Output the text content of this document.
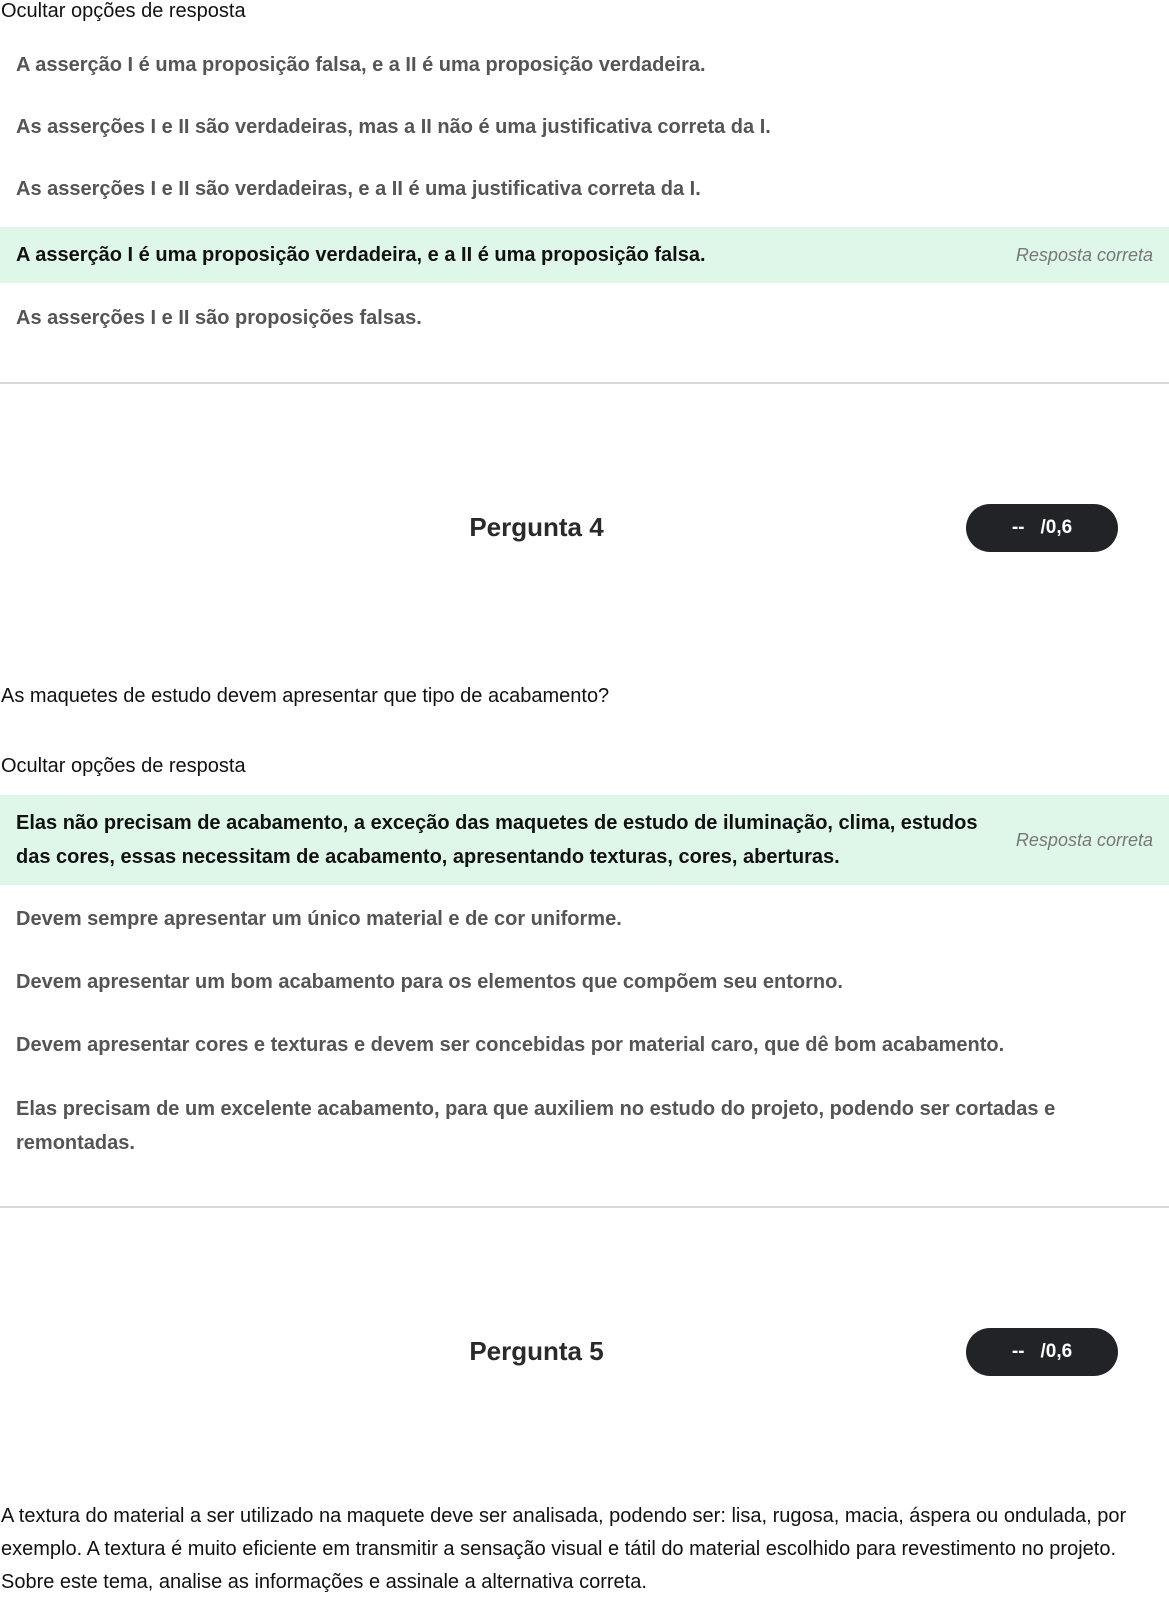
Ocultar opções de resposta
A asserção I é uma proposição falsa, e a II é uma proposição verdadeira.
As asserções I e II são verdadeiras, mas a II não é uma justificativa correta da I.
As asserções I e II são verdadeiras, e a II é uma justificativa correta da I.
A asserção I é uma proposição verdadeira, e a II é uma proposição falsa.	Resposta correta
As asserções I e II são proposições falsas.
Pergunta 4	-- /0,6
As maquetes de estudo devem apresentar que tipo de acabamento?
Ocultar opções de resposta
Elas não precisam de acabamento, a exceção das maquetes de estudo de iluminação, clima, estudos das cores, essas necessitam de acabamento, apresentando texturas, cores, aberturas.
Resposta correta
Devem sempre apresentar um único material e de cor uniforme.
Devem apresentar um bom acabamento para os elementos que compõem seu entorno.
Devem apresentar cores e texturas e devem ser concebidas por material caro, que dê bom acabamento.
Elas precisam de um excelente acabamento, para que auxiliem no estudo do projeto, podendo ser cortadas e remontadas.
Pergunta 5	-- /0,6
A textura do material a ser utilizado na maquete deve ser analisada, podendo ser: lisa, rugosa, macia, áspera ou ondulada, por exemplo. A textura é muito eficiente em transmitir a sensação visual e tátil do material escolhido para revestimento no projeto. Sobre este tema, analise as informações e assinale a alternativa correta.
